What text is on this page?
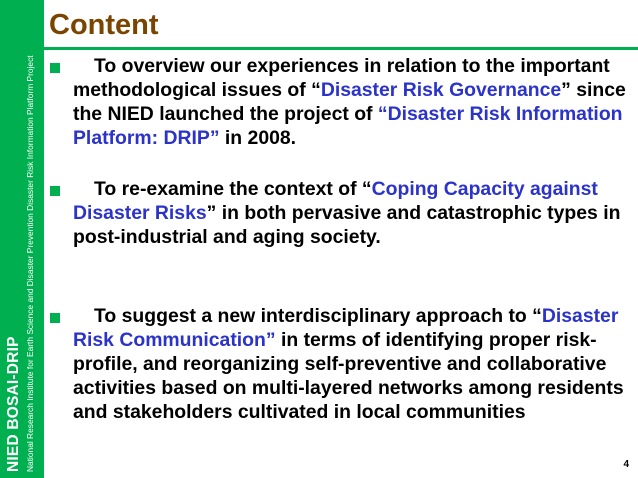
NIED BOSAI-DRIP National Research Institute for Earth Science and Disaster Prevention Disaster Risk Information Platform Project
Content

To overview our experiences in relation to the important methodological issues of “Disaster Risk Governance” since the NIED launched the project of “Disaster Risk Information Platform: DRIP” in 2008.

To re-examine the context of “Coping Capacity against Disaster Risks” in both pervasive and catastrophic types in post-industrial and aging society.

To suggest a new interdisciplinary approach to “Disaster Risk Communication” in terms of identifying proper risk-profile, and reorganizing self-preventive and collaborative activities based on multi-layered networks among residents and stakeholders cultivated in local communities

4
